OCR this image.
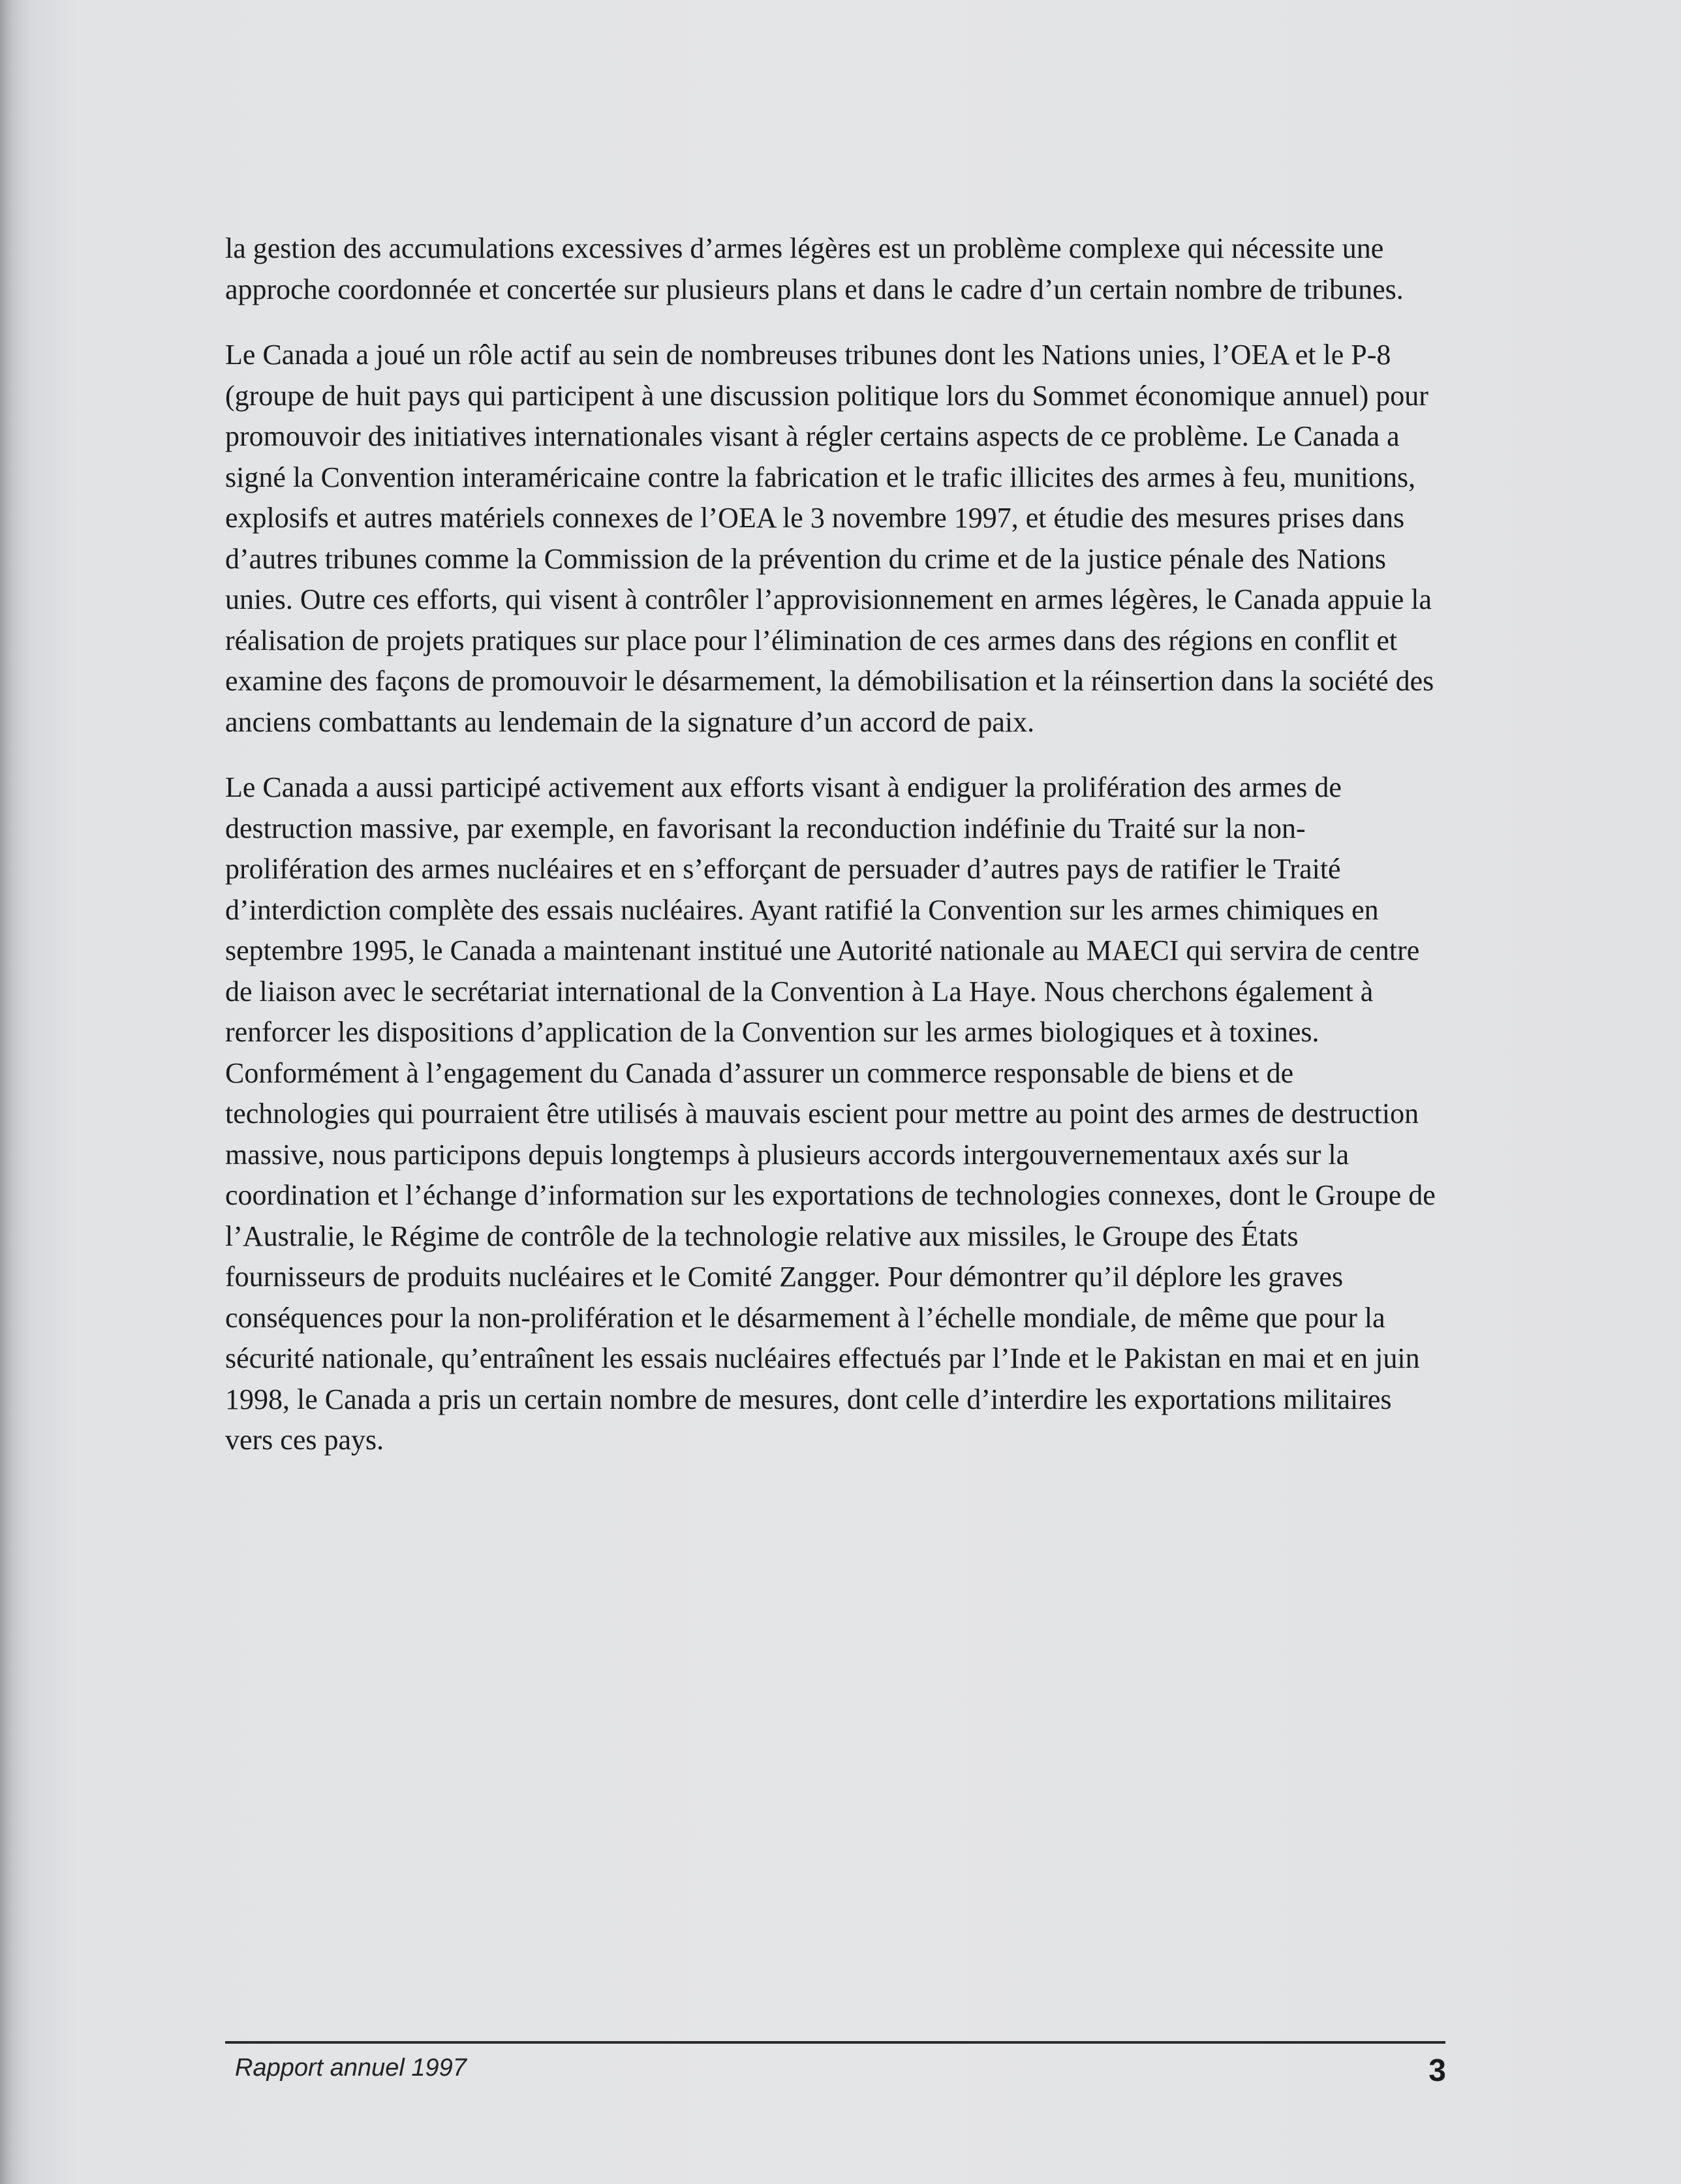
la gestion des accumulations excessives d’armes légères est un problème complexe qui nécessite une approche coordonnée et concertée sur plusieurs plans et dans le cadre d’un certain nombre de tribunes.

Le Canada a joué un rôle actif au sein de nombreuses tribunes dont les Nations unies, l’OEA et le P-8 (groupe de huit pays qui participent à une discussion politique lors du Sommet économique annuel) pour promouvoir des initiatives internationales visant à régler certains aspects de ce problème. Le Canada a signé la Convention interaméricaine contre la fabrication et le trafic illicites des armes à feu, munitions, explosifs et autres matériels connexes de l’OEA le 3 novembre 1997, et étudie des mesures prises dans d’autres tribunes comme la Commission de la prévention du crime et de la justice pénale des Nations unies. Outre ces efforts, qui visent à contrôler l’approvisionnement en armes légères, le Canada appuie la réalisation de projets pratiques sur place pour l’élimination de ces armes dans des régions en conflit et examine des façons de promouvoir le désarmement, la démobilisation et la réinsertion dans la société des anciens combattants au lendemain de la signature d’un accord de paix.

Le Canada a aussi participé activement aux efforts visant à endiguer la prolifération des armes de destruction massive, par exemple, en favorisant la reconduction indéfinie du Traité sur la non-prolifération des armes nucléaires et en s’efforçant de persuader d’autres pays de ratifier le Traité d’interdiction complète des essais nucléaires. Ayant ratifié la Convention sur les armes chimiques en septembre 1995, le Canada a maintenant institué une Autorité nationale au MAECI qui servira de centre de liaison avec le secrétariat international de la Convention à La Haye. Nous cherchons également à renforcer les dispositions d’application de la Convention sur les armes biologiques et à toxines. Conformément à l’engagement du Canada d’assurer un commerce responsable de biens et de technologies qui pourraient être utilisés à mauvais escient pour mettre au point des armes de destruction massive, nous participons depuis longtemps à plusieurs accords intergouvernementaux axés sur la coordination et l’échange d’information sur les exportations de technologies connexes, dont le Groupe de l’Australie, le Régime de contrôle de la technologie relative aux missiles, le Groupe des États fournisseurs de produits nucléaires et le Comité Zangger. Pour démontrer qu’il déplore les graves conséquences pour la non-prolifération et le désarmement à l’échelle mondiale, de même que pour la sécurité nationale, qu’entraînent les essais nucléaires effectués par l’Inde et le Pakistan en mai et en juin 1998, le Canada a pris un certain nombre de mesures, dont celle d’interdire les exportations militaires vers ces pays.

Rapport annuel 1997	3
